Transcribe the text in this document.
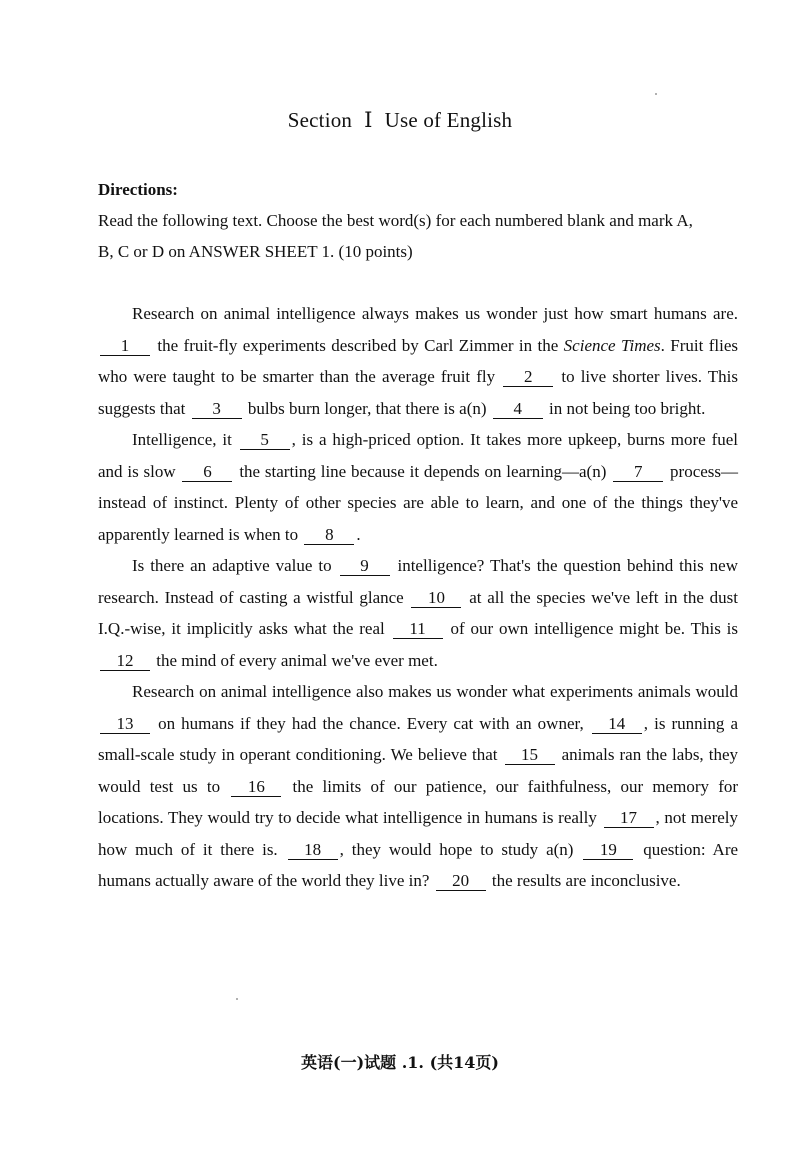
Section Ⅰ Use of English
Directions:
Read the following text. Choose the best word(s) for each numbered blank and mark A,
B, C or D on ANSWER SHEET 1. (10 points)

Research on animal intelligence always makes us wonder just how smart humans are. 1 the fruit-fly experiments described by Carl Zimmer in the Science Times. Fruit flies who were taught to be smarter than the average fruit fly 2 to live shorter lives. This suggests that 3 bulbs burn longer, that there is a(n) 4 in not being too bright.

Intelligence, it 5 , is a high-priced option. It takes more upkeep, burns more fuel and is slow 6 the starting line because it depends on learning—a(n) 7 process—instead of instinct. Plenty of other species are able to learn, and one of the things they've apparently learned is when to 8 .

Is there an adaptive value to 9 intelligence? That's the question behind this new research. Instead of casting a wistful glance 10 at all the species we've left in the dust I.Q.-wise, it implicitly asks what the real 11 of our own intelligence might be. This is 12 the mind of every animal we've ever met.

Research on animal intelligence also makes us wonder what experiments animals would 13 on humans if they had the chance. Every cat with an owner, 14 , is running a small-scale study in operant conditioning. We believe that 15 animals ran the labs, they would test us to 16 the limits of our patience, our faithfulness, our memory for locations. They would try to decide what intelligence in humans is really 17 , not merely how much of it there is. 18 , they would hope to study a(n) 19 question: Are humans actually aware of the world they live in? 20 the results are inconclusive.

英语(一)试题 .1. (共14页)
